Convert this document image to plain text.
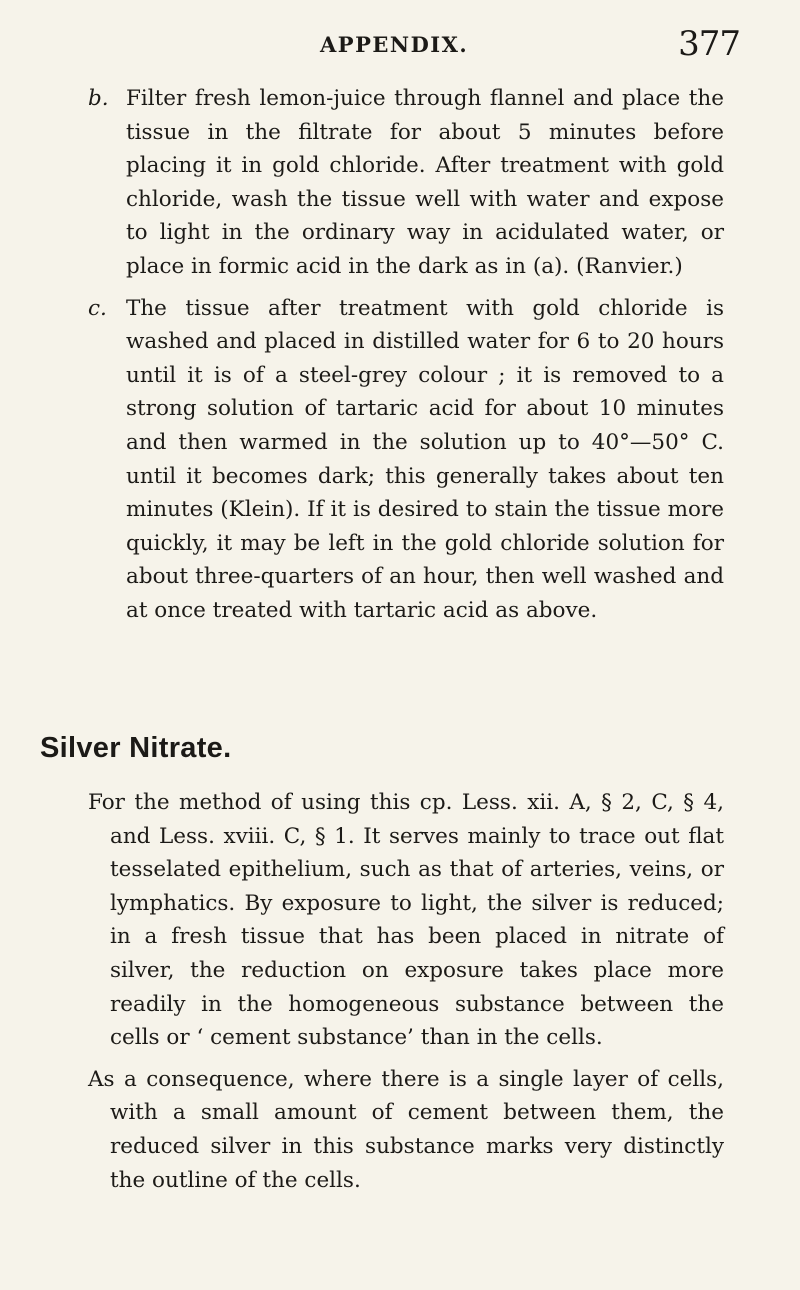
APPENDIX.	377

b. Filter fresh lemon-juice through flannel and place the tissue in the filtrate for about 5 minutes before placing it in gold chloride. After treatment with gold chloride, wash the tissue well with water and expose to light in the ordinary way in acidulated water, or place in formic acid in the dark as in (a). (Ranvier.)

c. The tissue after treatment with gold chloride is washed and placed in distilled water for 6 to 20 hours until it is of a steel-grey colour ; it is removed to a strong solution of tartaric acid for about 10 minutes and then warmed in the solution up to 40°—50° C. until it becomes dark; this generally takes about ten minutes (Klein). If it is desired to stain the tissue more quickly, it may be left in the gold chloride solution for about three-quarters of an hour, then well washed and at once treated with tartaric acid as above.

Silver Nitrate.

For the method of using this cp. Less. xii. A, § 2, C, § 4, and Less. xviii. C, § 1. It serves mainly to trace out flat tesselated epithelium, such as that of arteries, veins, or lymphatics. By exposure to light, the silver is reduced; in a fresh tissue that has been placed in nitrate of silver, the reduction on exposure takes place more readily in the homogeneous substance between the cells or ‘ cement substance’ than in the cells.

As a consequence, where there is a single layer of cells, with a small amount of cement between them, the reduced silver in this substance marks very distinctly the outline of the cells.
